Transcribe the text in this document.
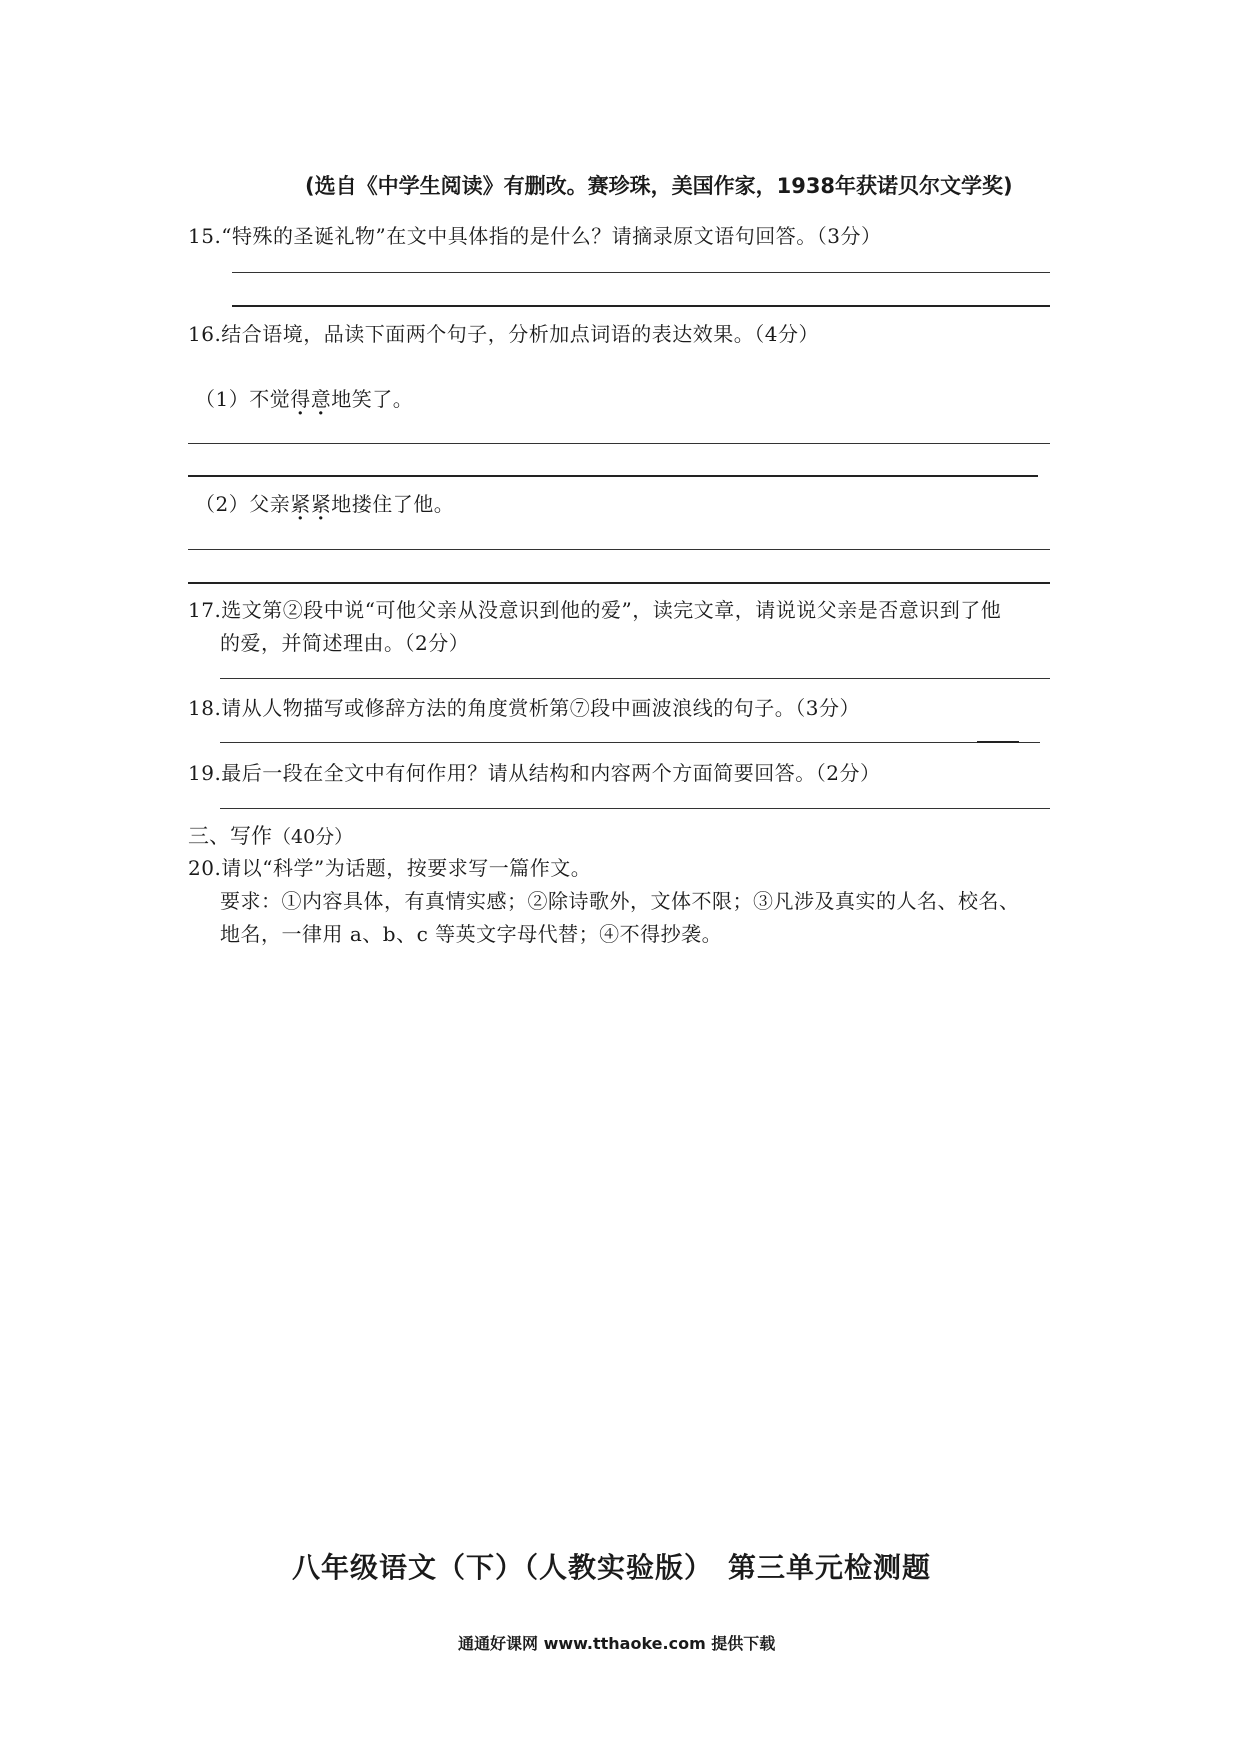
(选自《中学生阅读》有删改。赛珍珠，美国作家，1938年获诺贝尔文学奖)
15.“特殊的圣诞礼物”在文中具体指的是什么？请摘录原文语句回答。（3分）
16.结合语境，品读下面两个句子，分析加点词语的表达效果。（4分）
（1）不觉得意地笑了。
（2）父亲紧紧地搂住了他。
17.选文第②段中说“可他父亲从没意识到他的爱”，读完文章，请说说父亲是否意识到了他
的爱，并简述理由。（2分）
18.请从人物描写或修辞方法的角度赏析第⑦段中画波浪线的句子。（3分）
19.最后一段在全文中有何作用？请从结构和内容两个方面简要回答。（2分）
三、写作（40分）
20.请以“科学”为话题，按要求写一篇作文。
要求：①内容具体，有真情实感；②除诗歌外，文体不限；③凡涉及真实的人名、校名、
地名，一律用 a、b、c 等英文字母代替；④不得抄袭。
八年级语文（下）（人教实验版）　第三单元检测题
通通好课网 www.tthaoke.com 提供下载
